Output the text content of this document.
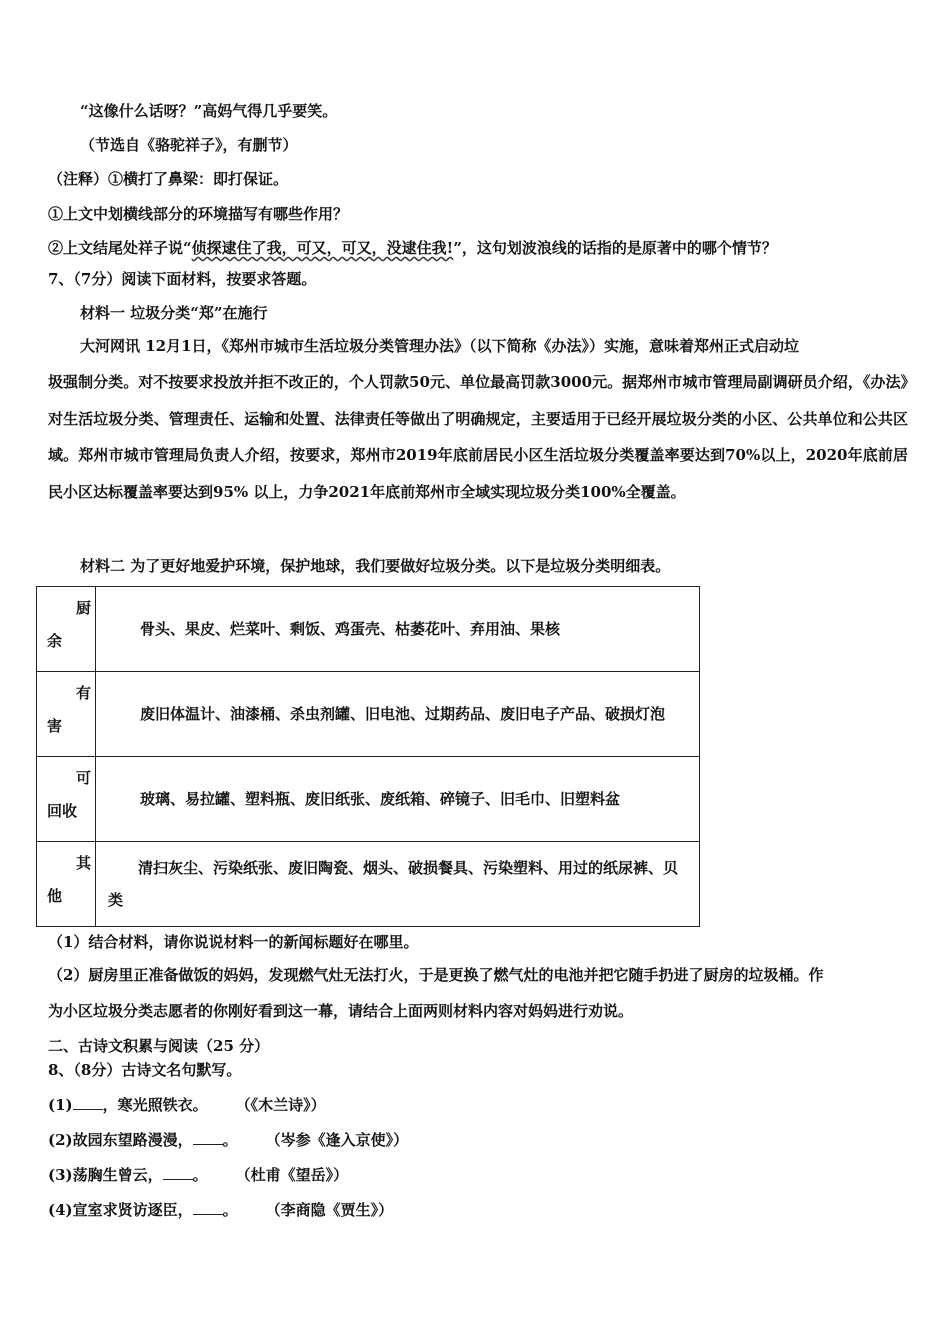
“这像什么话呀？”高妈气得几乎要笑。
（节选自《骆驼祥子》，有删节）
（注释）①横打了鼻梁：即打保证。
①上文中划横线部分的环境描写有哪些作用？
②上文结尾处祥子说“侦探逮住了我，可又，可又，没逮住我!”，这句划波浪线的话指的是原著中的哪个情节？
7、（7分）阅读下面材料，按要求答题。
材料一 垃圾分类“郑”在施行
大河网讯 12月1日，《郑州市城市生活垃圾分类管理办法》（以下简称《办法》）实施，意味着郑州正式启动垃
圾强制分类。对不按要求投放并拒不改正的，个人罚款50元、单位最高罚款3000元。据郑州市城市管理局副调研员介绍，《办法》对生活垃圾分类、管理责任、运输和处置、法律责任等做出了明确规定，主要适用于已经开展垃圾分类的小区、公共单位和公共区域。郑州市城市管理局负责人介绍，按要求，郑州市2019年底前居民小区生活垃圾分类覆盖率要达到70%以上，2020年底前居民小区达标覆盖率要达到95% 以上，力争2021年底前郑州市全域实现垃圾分类100%全覆盖。
材料二 为了更好地爱护环境，保护地球，我们要做好垃圾分类。以下是垃圾分类明细表。
厨
余	骨头、果皮、烂菜叶、剩饭、鸡蛋壳、枯萎花叶、弃用油、果核

有
害	废旧体温计、油漆桶、杀虫剂罐、旧电池、过期药品、废旧电子产品、破损灯泡

可
回收	玻璃、易拉罐、塑料瓶、废旧纸张、废纸箱、碎镜子、旧毛巾、旧塑料盆

其
他	清扫灰尘、污染纸张、废旧陶瓷、烟头、破损餐具、污染塑料、用过的纸尿裤、贝类
（1）结合材料，请你说说材料一的新闻标题好在哪里。
（2）厨房里正准备做饭的妈妈，发现燃气灶无法打火，于是更换了燃气灶的电池并把它随手扔进了厨房的垃圾桶。作
为小区垃圾分类志愿者的你刚好看到这一幕，请结合上面两则材料内容对妈妈进行劝说。
二、古诗文积累与阅读（25 分）
8、（8分）古诗文名句默写。
(1) ，寒光照铁衣。 （《木兰诗》）
(2)故园东望路漫漫， 。 （岑参《逢入京使》）
(3)荡胸生曾云， 。 （杜甫《望岳》）
(4)宣室求贤访逐臣， 。 （李商隐《贾生》）
